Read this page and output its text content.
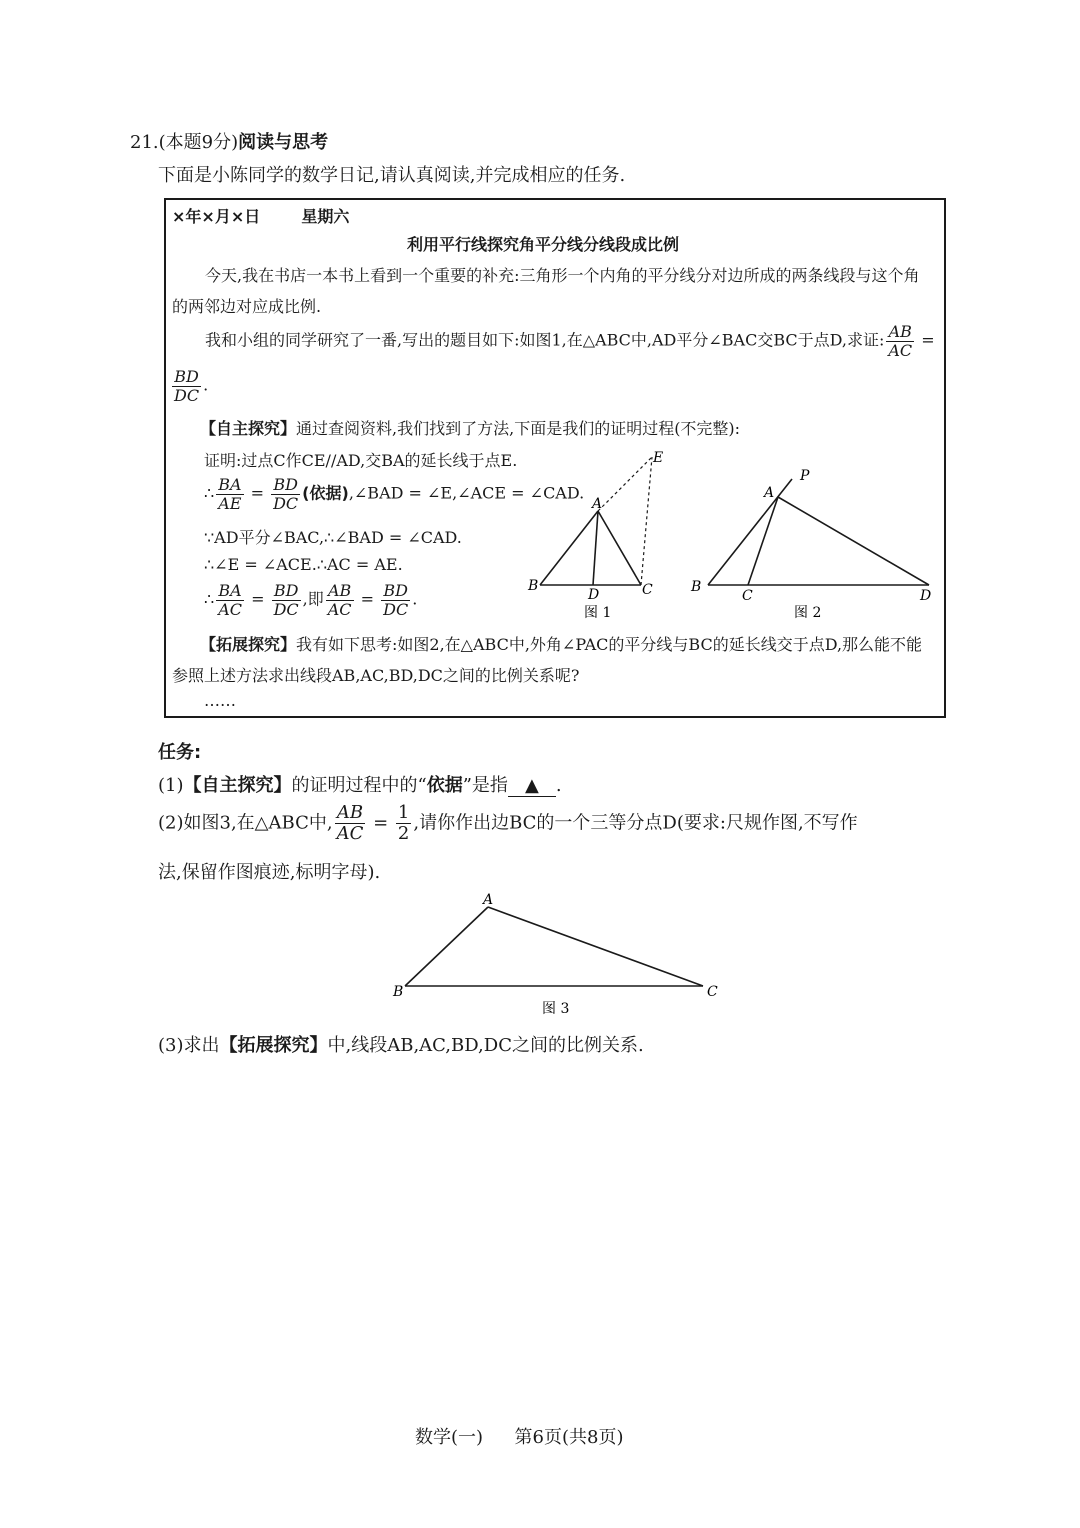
21.(本题9分)阅读与思考
下面是小陈同学的数学日记,请认真阅读,并完成相应的任务.
×年×月×日	星期六
利用平行线探究角平分线分线段成比例
今天,我在书店一本书上看到一个重要的补充:三角形一个内角的平分线分对边所成的两条线段与这个角
的两邻边对应成比例.
我和小组的同学研究了一番,写出的题目如下:如图1,在△ABC中,AD平分∠BAC交BC于点D,求证: $\frac{AB}{AC}$ =
$\frac{BD}{DC}$ .
【自主探究】通过查阅资料,我们找到了方法,下面是我们的证明过程(不完整):
证明:过点C作CE//AD,交BA的延长线于点E.
∴ $\frac{BA}{AE} = \frac{BD}{DC}$ (依据),∠BAD = ∠E,∠ACE = ∠CAD.
∵AD平分∠BAC,∴∠BAD = ∠CAD.
∴∠E = ∠ACE.∴AC = AE.
∴ $\frac{BA}{AC} = \frac{BD}{DC}$ ,即 $\frac{AB}{AC} = \frac{BD}{DC}$ .
A
B	C
D
E
图 1
A
P
B
C	D
图 2
【拓展探究】我有如下思考:如图2,在△ABC中,外角∠PAC的平分线与BC的延长线交于点D,那么能不能
参照上述方法求出线段AB,AC,BD,DC之间的比例关系呢?
……
任务:
(1)【自主探究】的证明过程中的“依据”是指 ▲ .
(2)如图3,在△ABC中, $\frac{AB}{AC} = \frac{1}{2}$ ,请你作出边BC的一个三等分点D(要求:尺规作图,不写作
法,保留作图痕迹,标明字母).
A
B	C
图 3
(3)求出【拓展探究】中,线段AB,AC,BD,DC之间的比例关系.
数学(一) 第6页(共8页)
